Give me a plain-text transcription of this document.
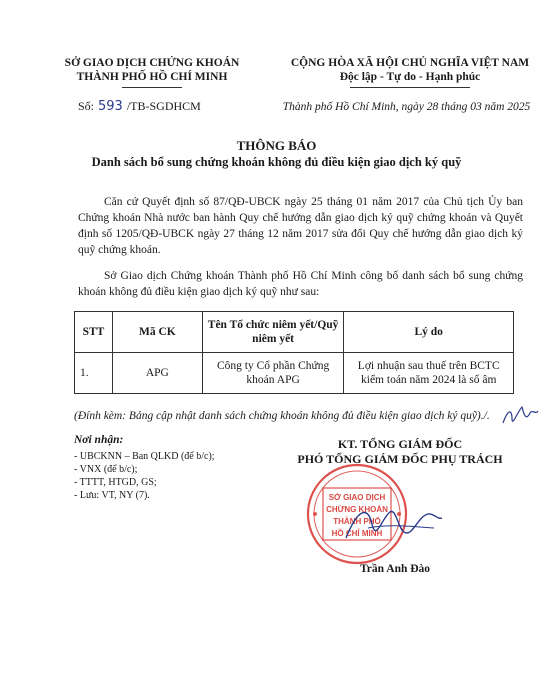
SỞ GIAO DỊCH CHỨNG KHOÁN
THÀNH PHỐ HỒ CHÍ MINH
CỘNG HÒA XÃ HỘI CHỦ NGHĨA VIỆT NAM
Độc lập - Tự do - Hạnh phúc
Số: 593 /TB-SGDHCM	Thành phố Hồ Chí Minh, ngày 28 tháng 03 năm 2025
THÔNG BÁO
Danh sách bổ sung chứng khoán không đủ điều kiện giao dịch ký quỹ
Căn cứ Quyết định số 87/QĐ-UBCK ngày 25 tháng 01 năm 2017 của Chủ tịch Ủy ban Chứng khoán Nhà nước ban hành Quy chế hướng dẫn giao dịch ký quỹ chứng khoán và Quyết định số 1205/QĐ-UBCK ngày 27 tháng 12 năm 2017 sửa đổi Quy chế hướng dẫn giao dịch ký quỹ chứng khoán.
Sở Giao dịch Chứng khoán Thành phố Hồ Chí Minh công bố danh sách bổ sung chứng khoán không đủ điều kiện giao dịch ký quỹ như sau:
STT	Mã CK	Tên Tổ chức niêm yết/Quỹ niêm yết	Lý do
1.	APG	Công ty Cổ phần Chứng khoán APG	Lợi nhuận sau thuế trên BCTC kiểm toán năm 2024 là số âm
(Đính kèm: Bảng cập nhật danh sách chứng khoán không đủ điều kiện giao dịch ký quỹ)./.
Nơi nhận:
- UBCKNN – Ban QLKD (để b/c);
- VNX (để b/c);
- TTTT, HTGD, GS;
- Lưu: VT, NY (7).
KT. TỔNG GIÁM ĐỐC
PHÓ TỔNG GIÁM ĐỐC PHỤ TRÁCH
SỞ GIAO DỊCH
CHỨNG KHOÁN
THÀNH PHỐ
HỒ CHÍ MINH
Trần Anh Đào
